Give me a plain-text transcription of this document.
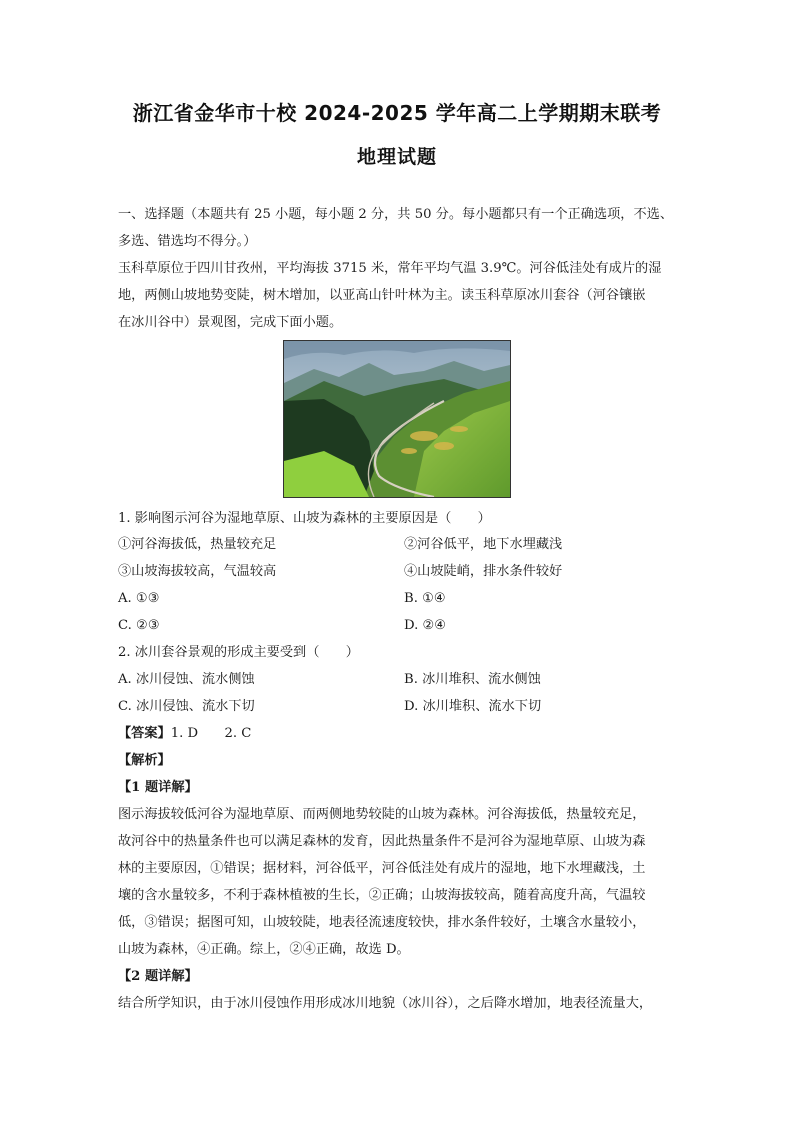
浙江省金华市十校 2024-2025 学年高二上学期期末联考
地理试题
一、选择题（本题共有 25 小题，每小题 2 分，共 50 分。每小题都只有一个正确选项，不选、
多选、错选均不得分。）
玉科草原位于四川甘孜州，平均海拔 3715 米，常年平均气温 3.9℃。河谷低洼处有成片的湿
地，两侧山坡地势变陡，树木增加，以亚高山针叶林为主。读玉科草原冰川套谷（河谷镶嵌
在冰川谷中）景观图，完成下面小题。
1. 影响图示河谷为湿地草原、山坡为森林的主要原因是（　　）
①河谷海拔低，热量较充足	②河谷低平，地下水埋藏浅
③山坡海拔较高，气温较高	④山坡陡峭，排水条件较好
A. ①③	B. ①④
C. ②③	D. ②④
2. 冰川套谷景观的形成主要受到（　　）
A. 冰川侵蚀、流水侧蚀	B. 冰川堆积、流水侧蚀
C. 冰川侵蚀、流水下切	D. 冰川堆积、流水下切
【答案】1. D　　2. C
【解析】
【1 题详解】
图示海拔较低河谷为湿地草原、而两侧地势较陡的山坡为森林。河谷海拔低，热量较充足，
故河谷中的热量条件也可以满足森林的发育，因此热量条件不是河谷为湿地草原、山坡为森
林的主要原因，①错误；据材料，河谷低平，河谷低洼处有成片的湿地，地下水埋藏浅，土
壤的含水量较多，不利于森林植被的生长，②正确；山坡海拔较高，随着高度升高，气温较
低，③错误；据图可知，山坡较陡，地表径流速度较快，排水条件较好，土壤含水量较小，
山坡为森林，④正确。综上，②④正确，故选 D。
【2 题详解】
结合所学知识，由于冰川侵蚀作用形成冰川地貌（冰川谷），之后降水增加，地表径流量大，
